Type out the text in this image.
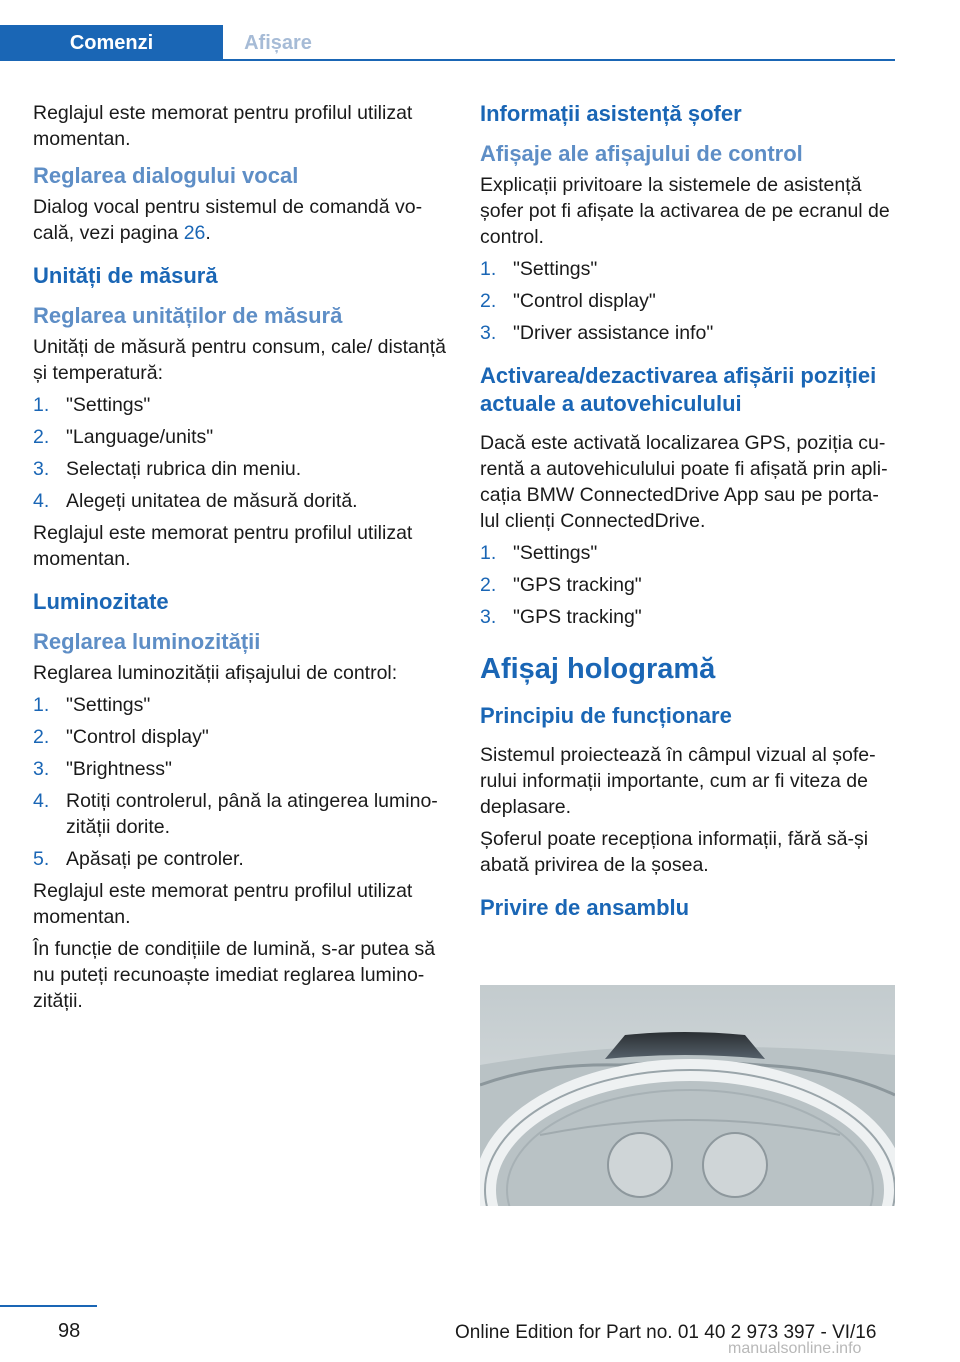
Comenzi	Afișare

Reglajul este memorat pentru profilul utilizat momentan.

Reglarea dialogului vocal

Dialog vocal pentru sistemul de comandă vo‐ cală, vezi pagina 26.

Unități de măsură
Reglarea unităților de măsură

Unități de măsură pentru consum, cale/ distanță și temperatură:

1. "Settings"
2. "Language/units"
3. Selectați rubrica din meniu.
4. Alegeți unitatea de măsură dorită.

Reglajul este memorat pentru profilul utilizat momentan.

Luminozitate
Reglarea luminozității

Reglarea luminozității afișajului de control:

1. "Settings"
2. "Control display"
3. "Brightness"
4. Rotiți controlerul, până la atingerea lumino‐ zității dorite.
5. Apăsați pe controler.

Reglajul este memorat pentru profilul utilizat momentan.

În funcție de condițiile de lumină, s-ar putea să nu puteți recunoaște imediat reglarea lumino‐ zității.

Informații asistență șofer
Afișaje ale afișajului de control

Explicații privitoare la sistemele de asistență șofer pot fi afișate la activarea de pe ecranul de control.

1. "Settings"
2. "Control display"
3. "Driver assistance info"
Activarea/dezactivarea afișării poziției actuale a autovehiculului

Dacă este activată localizarea GPS, poziția cu‐ rentă a autovehiculului poate fi afișată prin apli‐ cația BMW ConnectedDrive App sau pe porta‐ lul clienți ConnectedDrive.

1. "Settings"
2. "GPS tracking"
3. "GPS tracking"
Afișaj hologramă
Principiu de funcționare

Sistemul proiectează în câmpul vizual al șofe‐ rului informații importante, cum ar fi viteza de deplasare.

Șoferul poate recepționa informații, fără să-și abată privirea de la șosea.

Privire de ansamblu
98	Online Edition for Part no. 01 40 2 973 397 - VI/16
manualsonline.info
